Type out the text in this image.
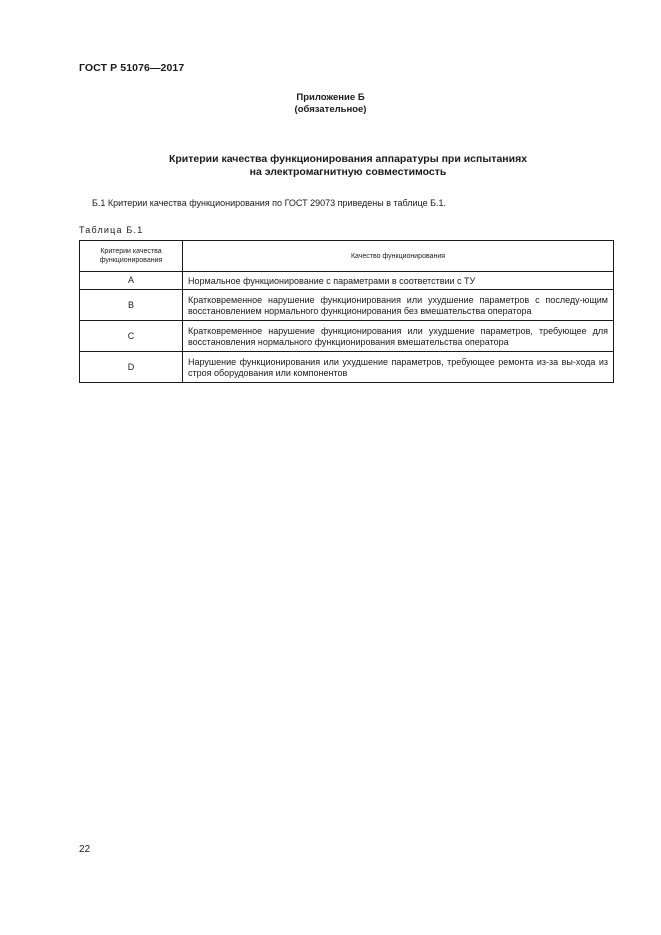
ГОСТ Р 51076—2017
Приложение Б
(обязательное)
Критерии качества функционирования аппаратуры при испытаниях
на электромагнитную совместимость
Б.1 Критерии качества функционирования по ГОСТ 29073 приведены в таблице Б.1.
Таблица Б.1
Критерии качества
функционирования	Качество функционирования
A	Нормальное функционирование с параметрами в соответствии с ТУ
B	Кратковременное нарушение функционирования или ухудшение параметров с последу-ющим восстановлением нормального функционирования без вмешательства оператора
C	Кратковременное нарушение функционирования или ухудшение параметров, требующее для восстановления нормального функционирования вмешательства оператора
D	Нарушение функционирования или ухудшение параметров, требующее ремонта из-за вы-хода из строя оборудования или компонентов
22
